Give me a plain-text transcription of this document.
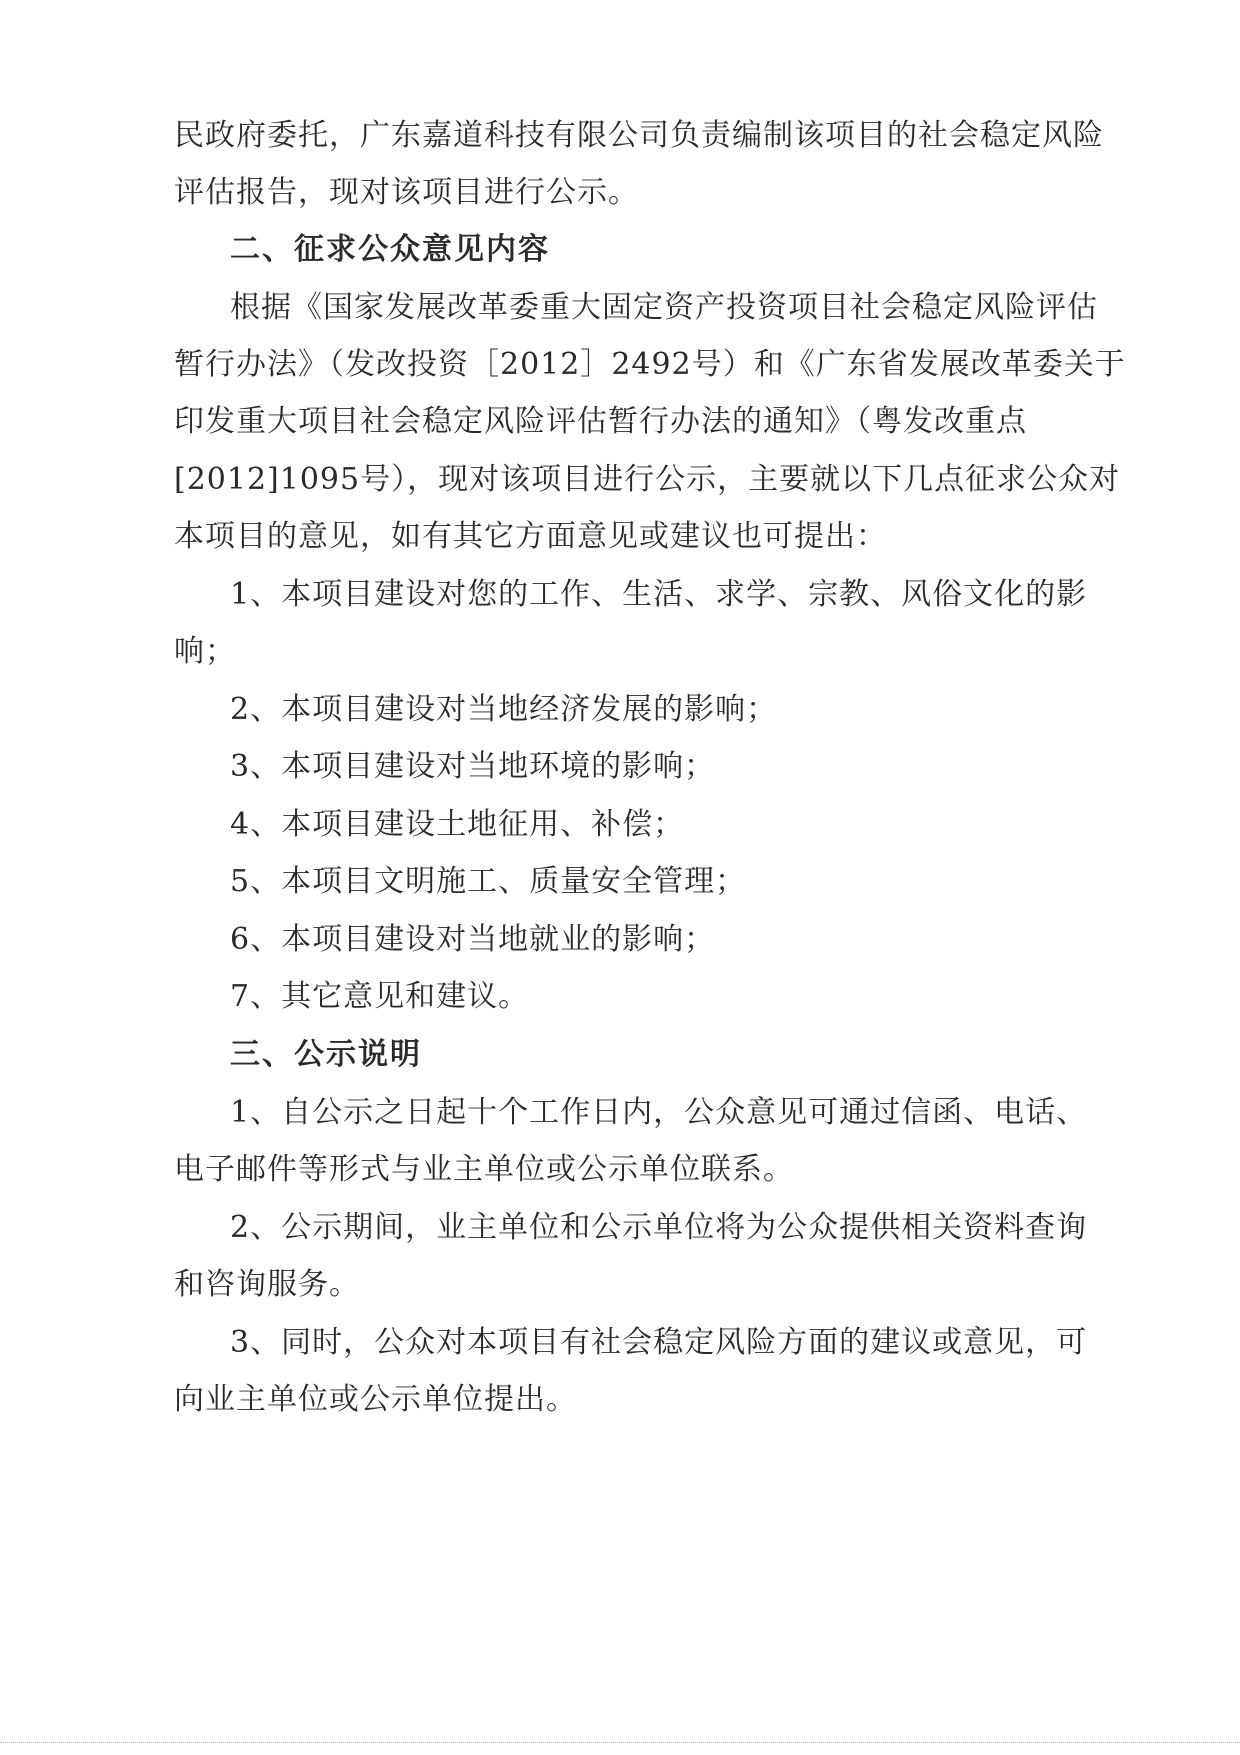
民政府委托，广东嘉道科技有限公司负责编制该项目的社会稳定风险
评估报告，现对该项目进行公示。
二、征求公众意见内容
根据《国家发展改革委重大固定资产投资项目社会稳定风险评估
暂行办法》（发改投资［2012］2492号）和《广东省发展改革委关于
印发重大项目社会稳定风险评估暂行办法的通知》（粤发改重点
[2012]1095号），现对该项目进行公示，主要就以下几点征求公众对
本项目的意见，如有其它方面意见或建议也可提出：
1、本项目建设对您的工作、生活、求学、宗教、风俗文化的影
响；
2、本项目建设对当地经济发展的影响；
3、本项目建设对当地环境的影响；
4、本项目建设土地征用、补偿；
5、本项目文明施工、质量安全管理；
6、本项目建设对当地就业的影响；
7、其它意见和建议。
三、公示说明
1、自公示之日起十个工作日内，公众意见可通过信函、电话、
电子邮件等形式与业主单位或公示单位联系。
2、公示期间，业主单位和公示单位将为公众提供相关资料查询
和咨询服务。
3、同时，公众对本项目有社会稳定风险方面的建议或意见，可
向业主单位或公示单位提出。
